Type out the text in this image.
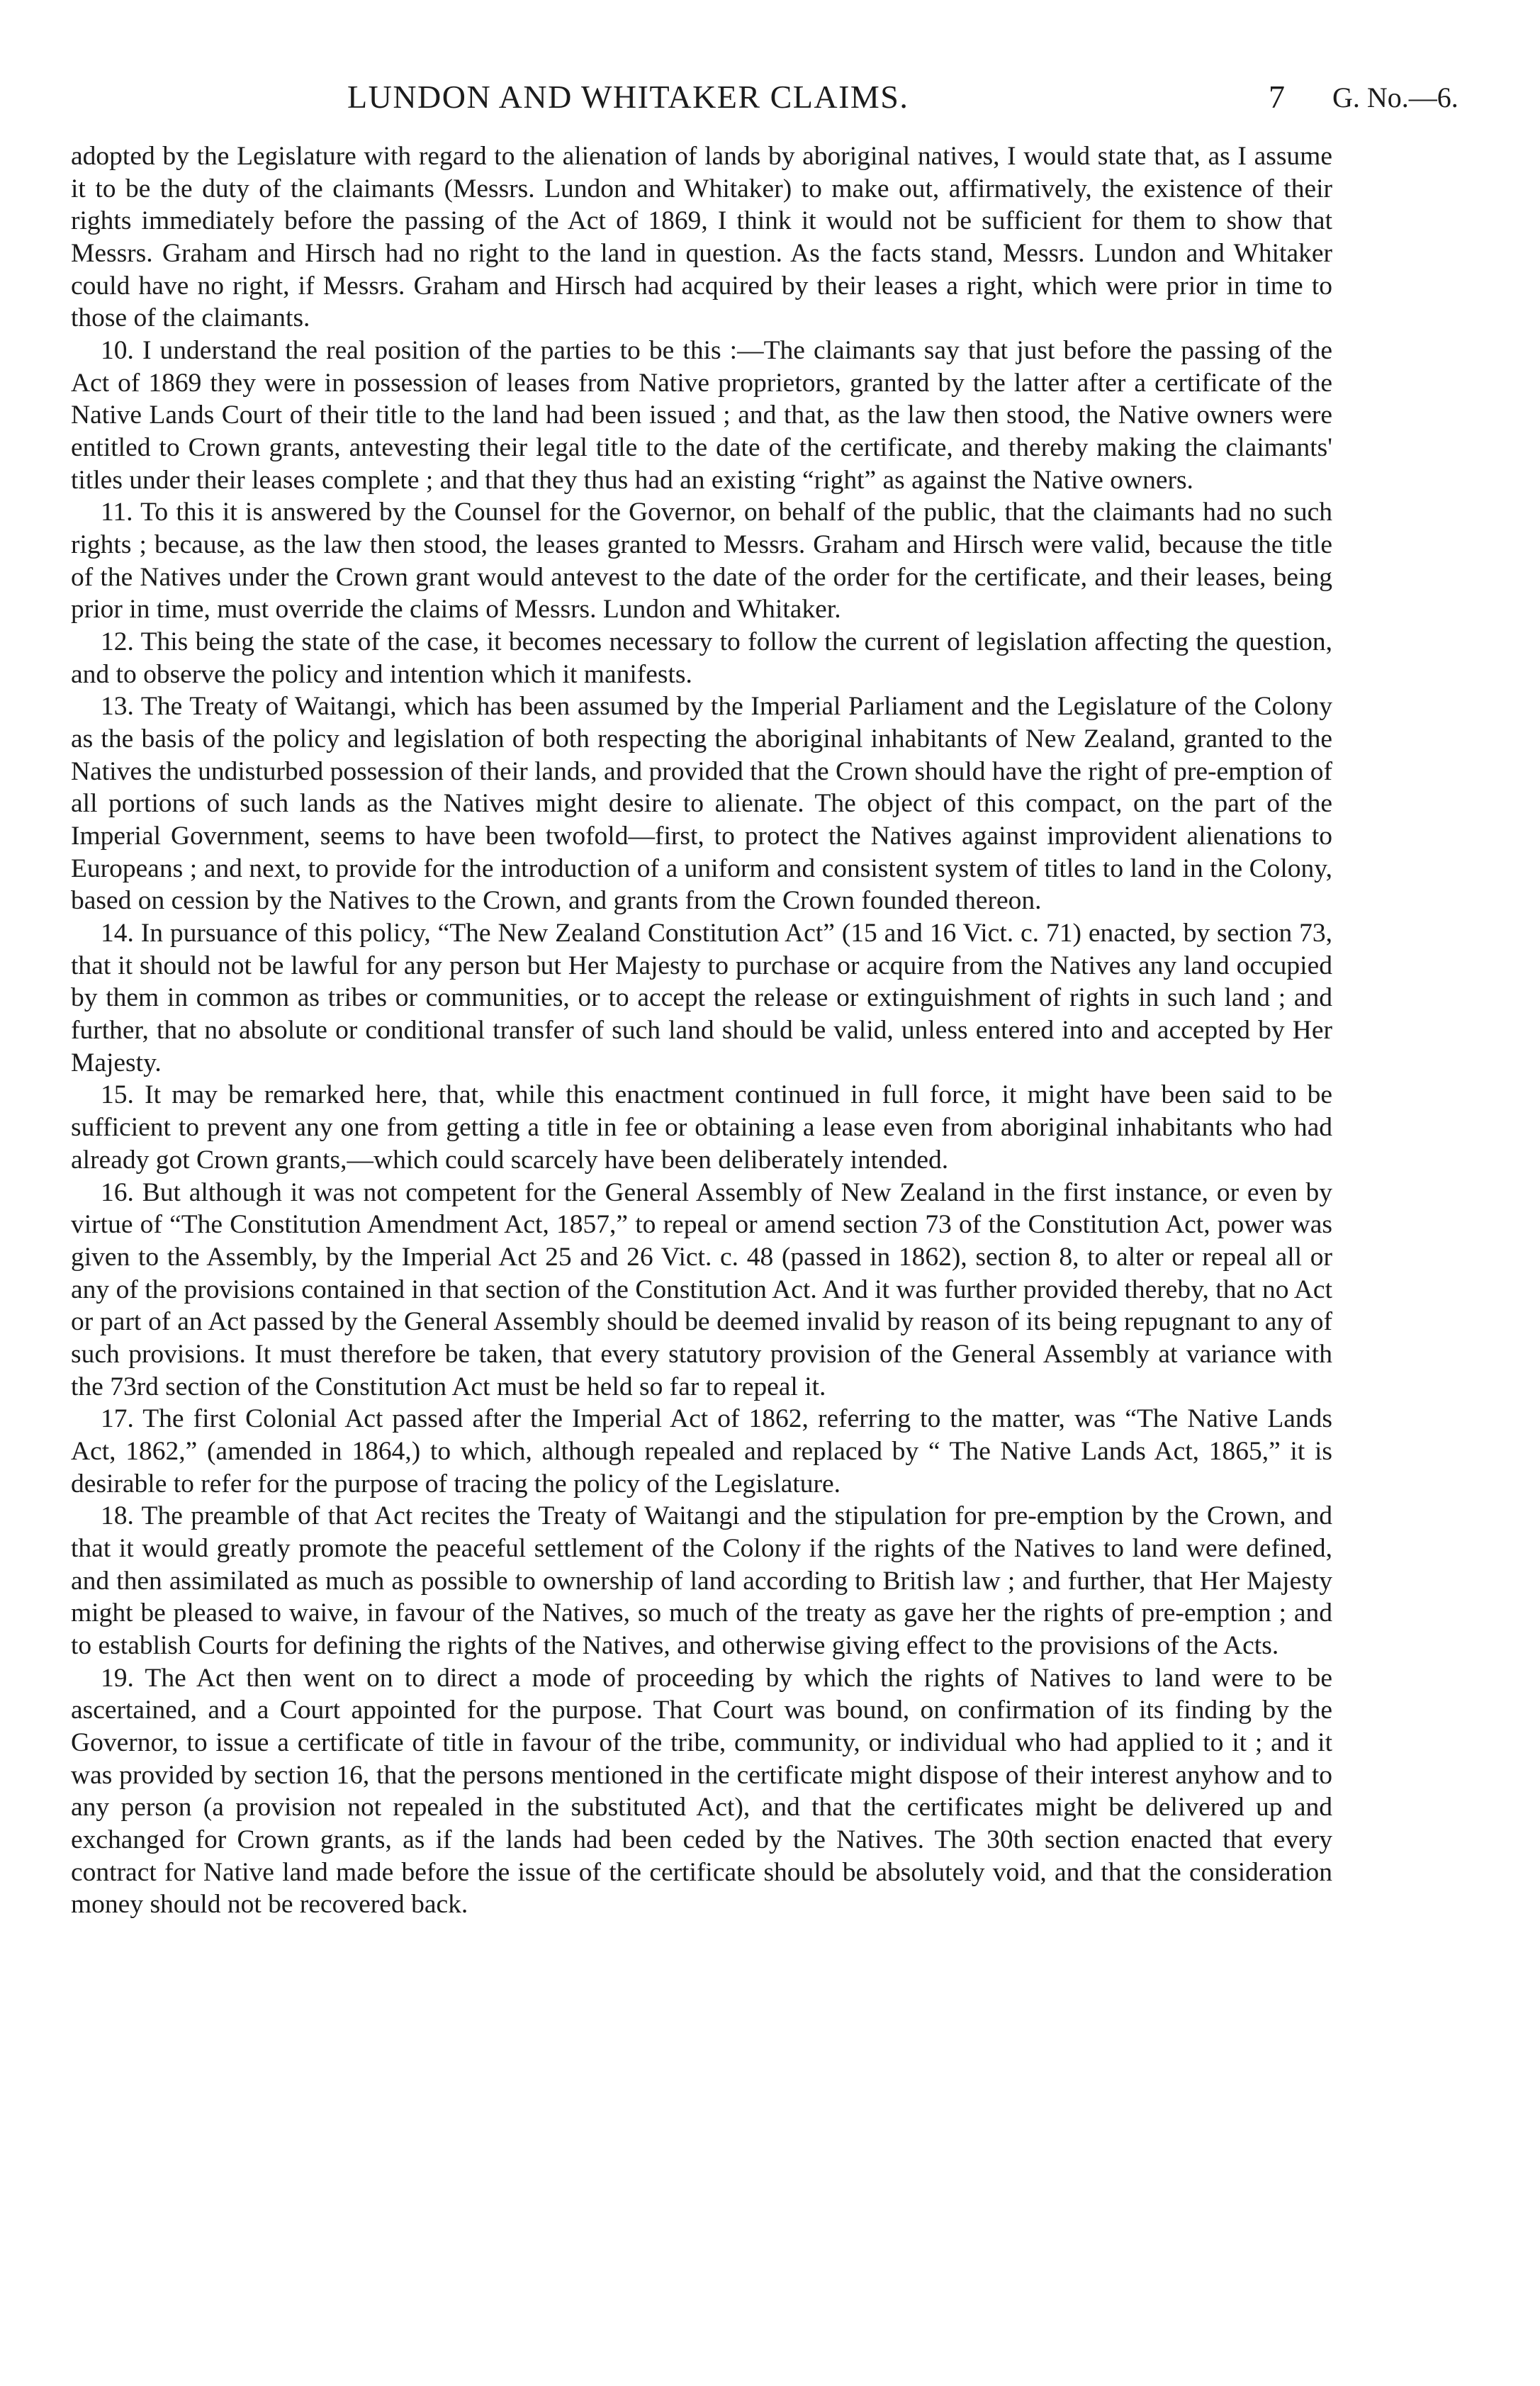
LUNDON AND WHITAKER CLAIMS.	7 G. No.—6.

adopted by the Legislature with regard to the alienation of lands by aboriginal natives, I would state that, as I assume it to be the duty of the claimants (Messrs. Lundon and Whitaker) to make out, affirmatively, the existence of their rights immediately before the passing of the Act of 1869, I think it would not be sufficient for them to show that Messrs. Graham and Hirsch had no right to the land in question. As the facts stand, Messrs. Lundon and Whitaker could have no right, if Messrs. Graham and Hirsch had acquired by their leases a right, which were prior in time to those of the claimants.

10. I understand the real position of the parties to be this :—The claimants say that just before the passing of the Act of 1869 they were in possession of leases from Native proprietors, granted by the latter after a certificate of the Native Lands Court of their title to the land had been issued ; and that, as the law then stood, the Native owners were entitled to Crown grants, antevesting their legal title to the date of the certificate, and thereby making the claimants' titles under their leases complete ; and that they thus had an existing “right” as against the Native owners.

11. To this it is answered by the Counsel for the Governor, on behalf of the public, that the claimants had no such rights ; because, as the law then stood, the leases granted to Messrs. Graham and Hirsch were valid, because the title of the Natives under the Crown grant would antevest to the date of the order for the certificate, and their leases, being prior in time, must override the claims of Messrs. Lundon and Whitaker.

12. This being the state of the case, it becomes necessary to follow the current of legislation affecting the question, and to observe the policy and intention which it manifests.

13. The Treaty of Waitangi, which has been assumed by the Imperial Parliament and the Legislature of the Colony as the basis of the policy and legislation of both respecting the aboriginal inhabitants of New Zealand, granted to the Natives the undisturbed possession of their lands, and provided that the Crown should have the right of pre-emption of all portions of such lands as the Natives might desire to alienate. The object of this compact, on the part of the Imperial Government, seems to have been twofold—first, to protect the Natives against improvident alienations to Europeans ; and next, to provide for the introduction of a uniform and consistent system of titles to land in the Colony, based on cession by the Natives to the Crown, and grants from the Crown founded thereon.

14. In pursuance of this policy, “The New Zealand Constitution Act” (15 and 16 Vict. c. 71) enacted, by section 73, that it should not be lawful for any person but Her Majesty to purchase or acquire from the Natives any land occupied by them in common as tribes or communities, or to accept the release or extinguishment of rights in such land ; and further, that no absolute or conditional transfer of such land should be valid, unless entered into and accepted by Her Majesty.

15. It may be remarked here, that, while this enactment continued in full force, it might have been said to be sufficient to prevent any one from getting a title in fee or obtaining a lease even from aboriginal inhabitants who had already got Crown grants,—which could scarcely have been deliberately intended.

16. But although it was not competent for the General Assembly of New Zealand in the first instance, or even by virtue of “The Constitution Amendment Act, 1857,” to repeal or amend section 73 of the Constitution Act, power was given to the Assembly, by the Imperial Act 25 and 26 Vict. c. 48 (passed in 1862), section 8, to alter or repeal all or any of the provisions contained in that section of the Constitution Act. And it was further provided thereby, that no Act or part of an Act passed by the General Assembly should be deemed invalid by reason of its being repugnant to any of such provisions. It must therefore be taken, that every statutory provision of the General Assembly at variance with the 73rd section of the Constitution Act must be held so far to repeal it.

17. The first Colonial Act passed after the Imperial Act of 1862, referring to the matter, was “The Native Lands Act, 1862,” (amended in 1864,) to which, although repealed and replaced by “ The Native Lands Act, 1865,” it is desirable to refer for the purpose of tracing the policy of the Legislature.

18. The preamble of that Act recites the Treaty of Waitangi and the stipulation for pre-emption by the Crown, and that it would greatly promote the peaceful settlement of the Colony if the rights of the Natives to land were defined, and then assimilated as much as possible to ownership of land according to British law ; and further, that Her Majesty might be pleased to waive, in favour of the Natives, so much of the treaty as gave her the rights of pre-emption ; and to establish Courts for defining the rights of the Natives, and otherwise giving effect to the provisions of the Acts.

19. The Act then went on to direct a mode of proceeding by which the rights of Natives to land were to be ascertained, and a Court appointed for the purpose. That Court was bound, on confirmation of its finding by the Governor, to issue a certificate of title in favour of the tribe, community, or individual who had applied to it ; and it was provided by section 16, that the persons mentioned in the certificate might dispose of their interest anyhow and to any person (a provision not repealed in the substituted Act), and that the certificates might be delivered up and exchanged for Crown grants, as if the lands had been ceded by the Natives. The 30th section enacted that every contract for Native land made before the issue of the certificate should be absolutely void, and that the consideration money should not be recovered back.
